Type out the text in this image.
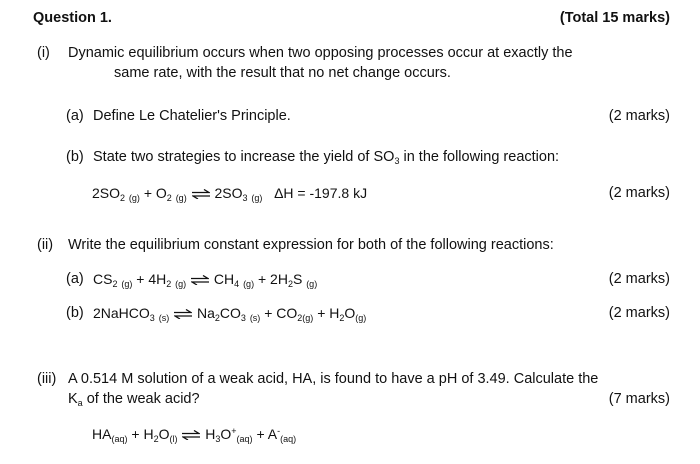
Question 1.	(Total 15 marks)
(i) Dynamic equilibrium occurs when two opposing processes occur at exactly the
same rate, with the result that no net change occurs.
(a) Define Le Chatelier's Principle.	(2 marks)
(b) State two strategies to increase the yield of $SO_3$ in the following reaction:
$2SO_2$ $_{(g)} + O_2$ $_{(g)}$ ⇌ $2SO_3$ $_{(g)}$ ΔH = -197.8 kJ	(2 marks)
(ii) Write the equilibrium constant expression for both of the following reactions:
(a) $CS_2$ $_{(g)} + 4H_2$ $_{(g)}$ ⇌ $CH_4$ $_{(g)} + 2H_2S$ $_{(g)}$	(2 marks)
(b) 2NaHCO$_3$ $_{(s)}$ ⇌ $Na_2CO_3$ $_{(s)} + CO_{2(g)} + H_2O_{(g)}$	(2 marks)
(iii) A 0.514 M solution of a weak acid, HA, is found to have a pH of 3.49. Calculate the
$K_a$ of the weak acid?	(7 marks)
$HA_{(aq)} + H_2O_{(l)}$ ⇌ $H_3O^+_{(aq)} + A^-_{(aq)}$
